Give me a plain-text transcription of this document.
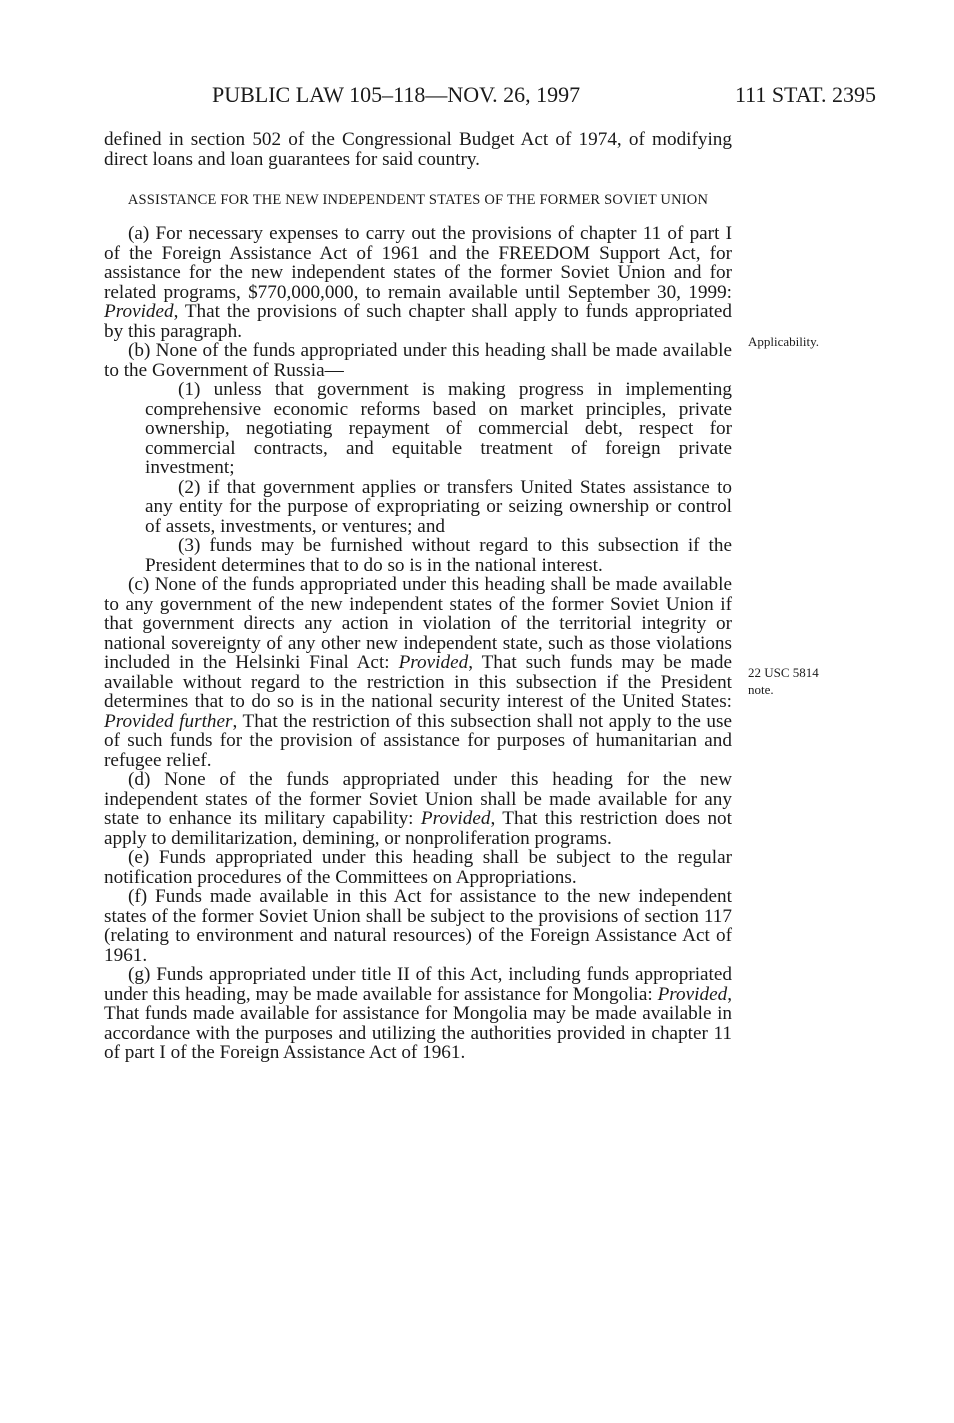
PUBLIC LAW 105–118—NOV. 26, 1997	111 STAT. 2395

defined in section 502 of the Congressional Budget Act of 1974, of modifying direct loans and loan guarantees for said country.

ASSISTANCE FOR THE NEW INDEPENDENT STATES OF THE FORMER SOVIET UNION

(a) For necessary expenses to carry out the provisions of chapter 11 of part I of the Foreign Assistance Act of 1961 and the FREEDOM Support Act, for assistance for the new independent states of the former Soviet Union and for related programs, $770,000,000, to remain available until September 30, 1999: Provided, That the provisions of such chapter shall apply to funds appropriated by this paragraph.

(b) None of the funds appropriated under this heading shall be made available to the Government of Russia—

(1) unless that government is making progress in implementing comprehensive economic reforms based on market principles, private ownership, negotiating repayment of commercial debt, respect for commercial contracts, and equitable treatment of foreign private investment;

(2) if that government applies or transfers United States assistance to any entity for the purpose of expropriating or seizing ownership or control of assets, investments, or ventures; and

(3) funds may be furnished without regard to this subsection if the President determines that to do so is in the national interest.

(c) None of the funds appropriated under this heading shall be made available to any government of the new independent states of the former Soviet Union if that government directs any action in violation of the territorial integrity or national sovereignty of any other new independent state, such as those violations included in the Helsinki Final Act: Provided, That such funds may be made available without regard to the restriction in this subsection if the President determines that to do so is in the national security interest of the United States: Provided further, That the restriction of this subsection shall not apply to the use of such funds for the provision of assistance for purposes of humanitarian and refugee relief.

(d) None of the funds appropriated under this heading for the new independent states of the former Soviet Union shall be made available for any state to enhance its military capability: Provided, That this restriction does not apply to demilitarization, demining, or nonproliferation programs.

(e) Funds appropriated under this heading shall be subject to the regular notification procedures of the Committees on Appropriations.

(f) Funds made available in this Act for assistance to the new independent states of the former Soviet Union shall be subject to the provisions of section 117 (relating to environment and natural resources) of the Foreign Assistance Act of 1961.

(g) Funds appropriated under title II of this Act, including funds appropriated under this heading, may be made available for assistance for Mongolia: Provided, That funds made available for assistance for Mongolia may be made available in accordance with the purposes and utilizing the authorities provided in chapter 11 of part I of the Foreign Assistance Act of 1961.

Applicability.
22 USC 5814
note.
